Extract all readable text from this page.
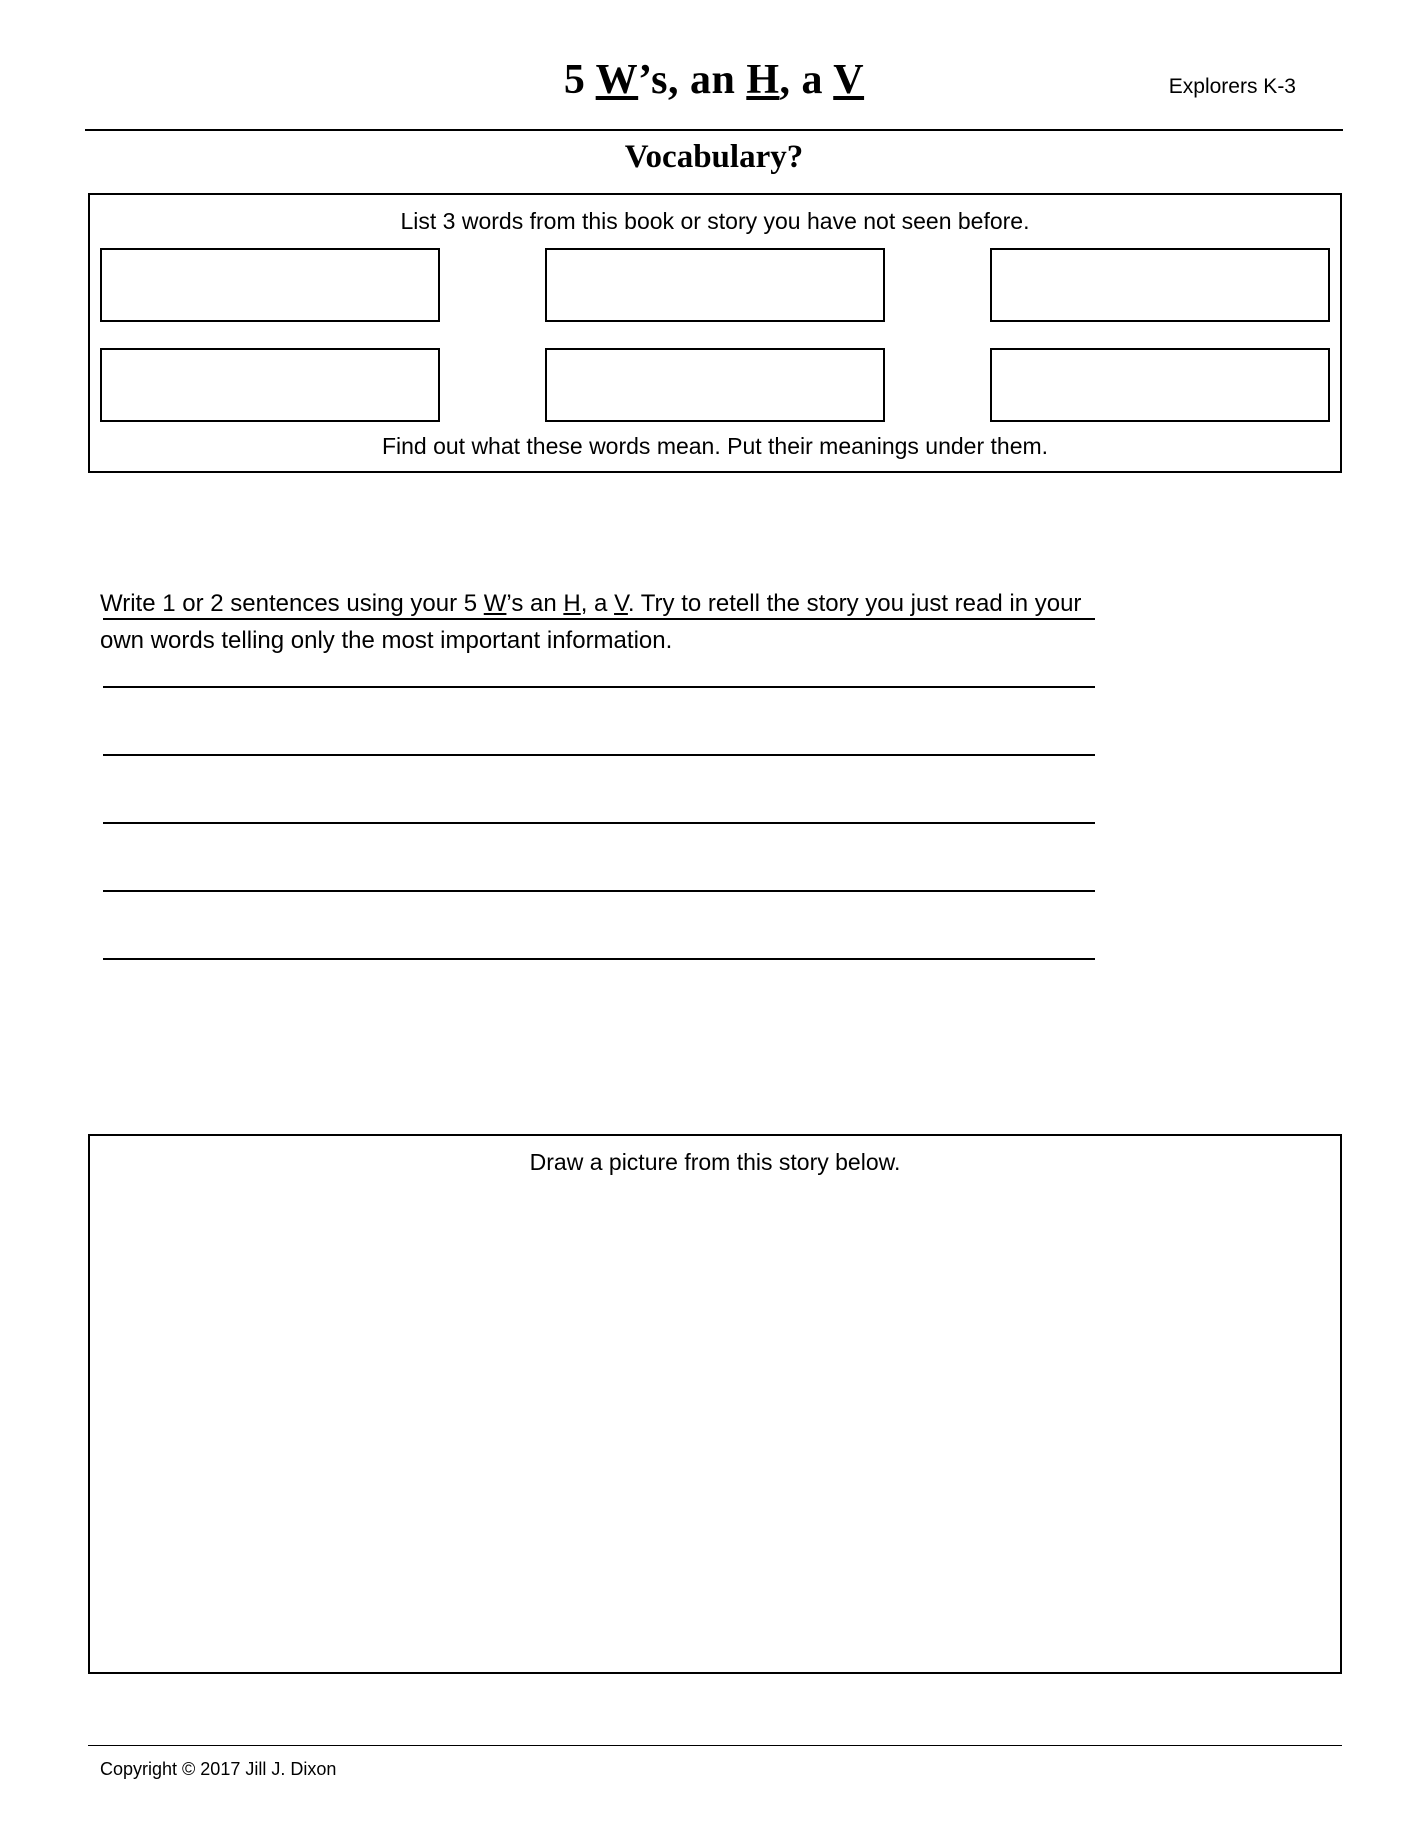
5 W’s, an H, a V	Explorers K-3
Vocabulary?
List 3 words from this book or story you have not seen before.
Find out what these words mean. Put their meanings under them.
Write 1 or 2 sentences using your 5 W’s an H, a V. Try to retell the story you just read in your own words telling only the most important information.
Draw a picture from this story below.
Copyright © 2017 Jill J. Dixon
